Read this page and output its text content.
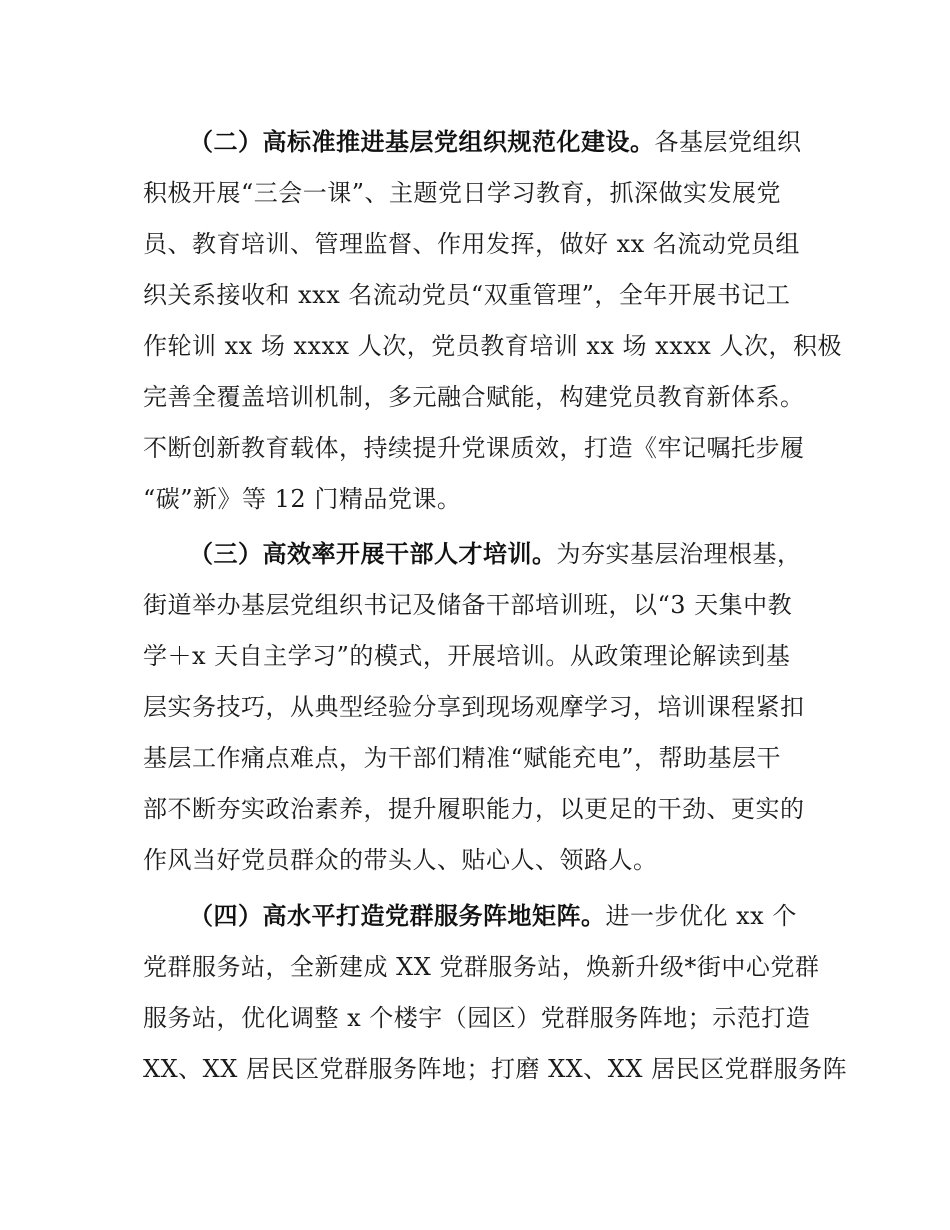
（二）高标准推进基层党组织规范化建设。各基层党组织
积极开展“三会一课”、主题党日学习教育，抓深做实发展党
员、教育培训、管理监督、作用发挥，做好 xx 名流动党员组
织关系接收和 xxx 名流动党员“双重管理”，全年开展书记工
作轮训 xx 场 xxxx 人次，党员教育培训 xx 场 xxxx 人次，积极
完善全覆盖培训机制，多元融合赋能，构建党员教育新体系。
不断创新教育载体，持续提升党课质效，打造《牢记嘱托步履
“碳”新》等 12 门精品党课。
（三）高效率开展干部人才培训。为夯实基层治理根基，
街道举办基层党组织书记及储备干部培训班，以“3 天集中教
学＋x 天自主学习”的模式，开展培训。从政策理论解读到基
层实务技巧，从典型经验分享到现场观摩学习，培训课程紧扣
基层工作痛点难点，为干部们精准“赋能充电”，帮助基层干
部不断夯实政治素养，提升履职能力，以更足的干劲、更实的
作风当好党员群众的带头人、贴心人、领路人。
（四）高水平打造党群服务阵地矩阵。进一步优化 xx 个
党群服务站，全新建成 XX 党群服务站，焕新升级*街中心党群
服务站，优化调整 x 个楼宇（园区）党群服务阵地；示范打造
XX、XX 居民区党群服务阵地；打磨 XX、XX 居民区党群服务阵
